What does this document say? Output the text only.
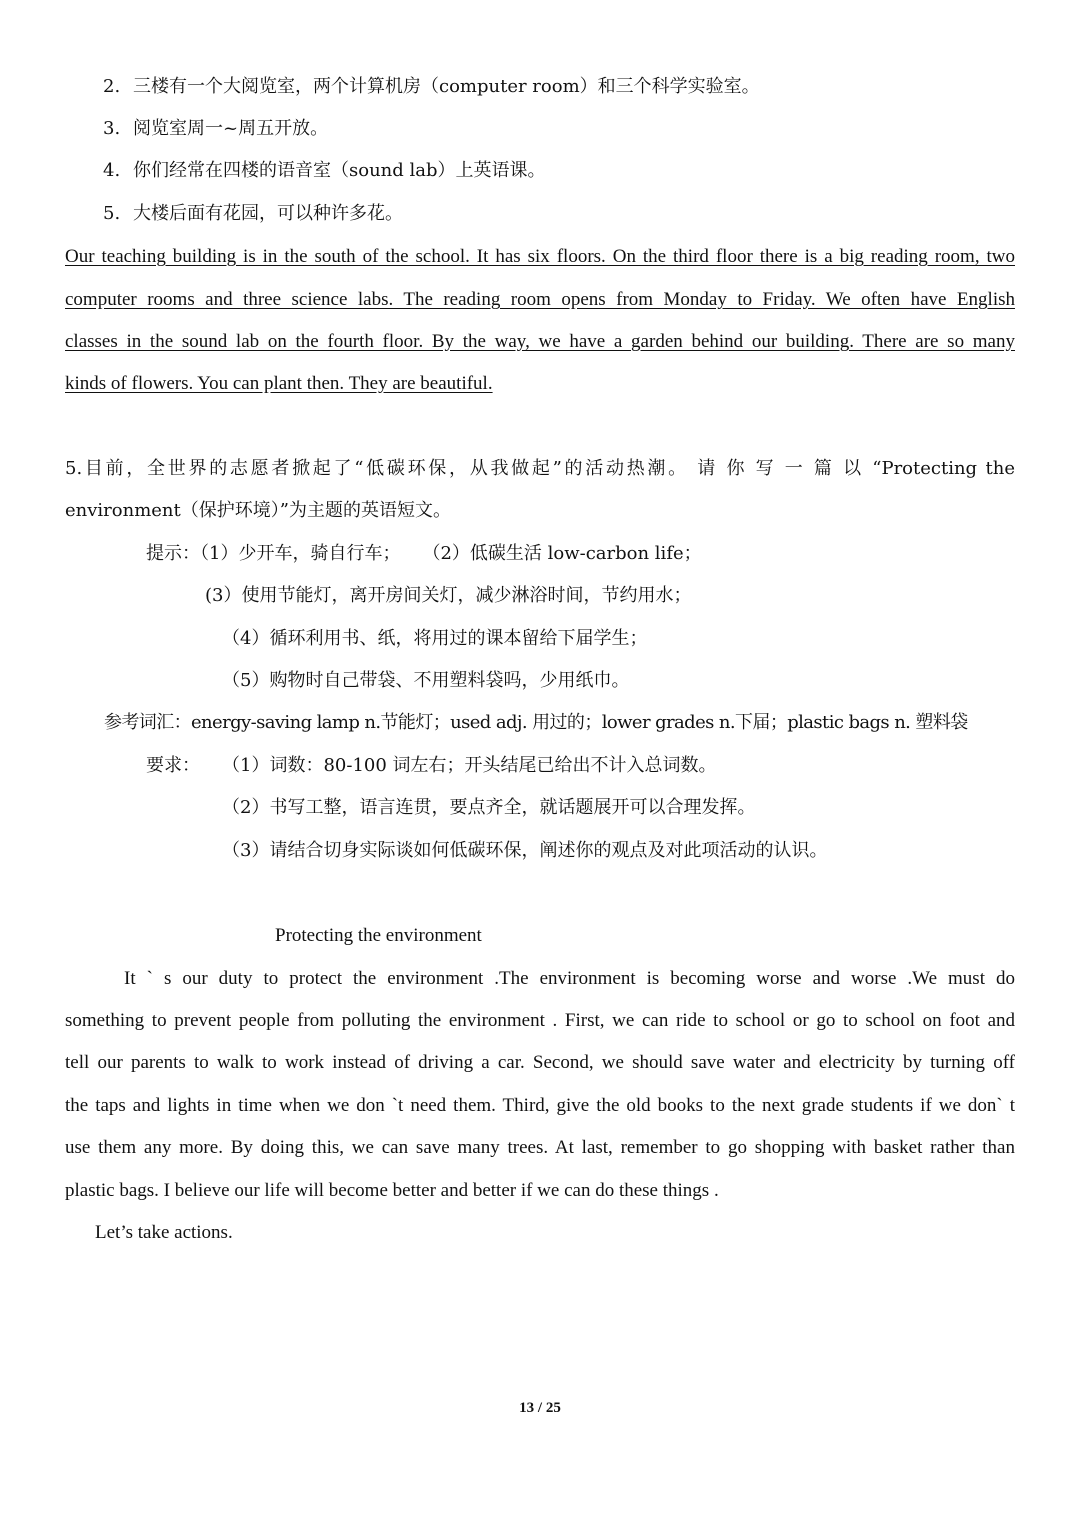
2. 三楼有一个大阅览室，两个计算机房（computer room）和三个科学实验室。
3. 阅览室周一~周五开放。
4. 你们经常在四楼的语音室（sound lab）上英语课。
5. 大楼后面有花园，可以种许多花。
Our teaching building is in the south of the school. It has six floors. On the third floor there is a big reading room, two
computer rooms and three science labs. The reading room opens from Monday to Friday. We often have English
classes in the sound lab on the fourth floor. By the way, we have a garden behind our building. There are so many
kinds of flowers. You can plant then. They are beautiful.
5.目前，全世界的志愿者掀起了“低碳环保，从我做起”的活动热潮。 请 你 写 一 篇 以 “Protecting the
environment（保护环境）”为主题的英语短文。
提示：（1）少开车，骑自行车； （2）低碳生活 low-carbon life；
(3）使用节能灯，离开房间关灯，减少淋浴时间，节约用水；
（4）循环利用书、纸，将用过的课本留给下届学生；
（5）购物时自己带袋、不用塑料袋吗，少用纸巾。
参考词汇：energy-saving lamp n.节能灯；used adj. 用过的；lower grades n.下届；plastic bags n. 塑料袋
要求： （1）词数：80-100 词左右；开头结尾已给出不计入总词数。
（2）书写工整，语言连贯，要点齐全，就话题展开可以合理发挥。
（3）请结合切身实际谈如何低碳环保，阐述你的观点及对此项活动的认识。
Protecting the environment
It ` s our duty to protect the environment .The environment is becoming worse and worse .We must do
something to prevent people from polluting the environment . First, we can ride to school or go to school on foot and
tell our parents to walk to work instead of driving a car. Second, we should save water and electricity by turning off
the taps and lights in time when we don `t need them. Third, give the old books to the next grade students if we don` t
use them any more. By doing this, we can save many trees. At last, remember to go shopping with basket rather than
plastic bags. I believe our life will become better and better if we can do these things .
Let’s take actions.
13 / 25
